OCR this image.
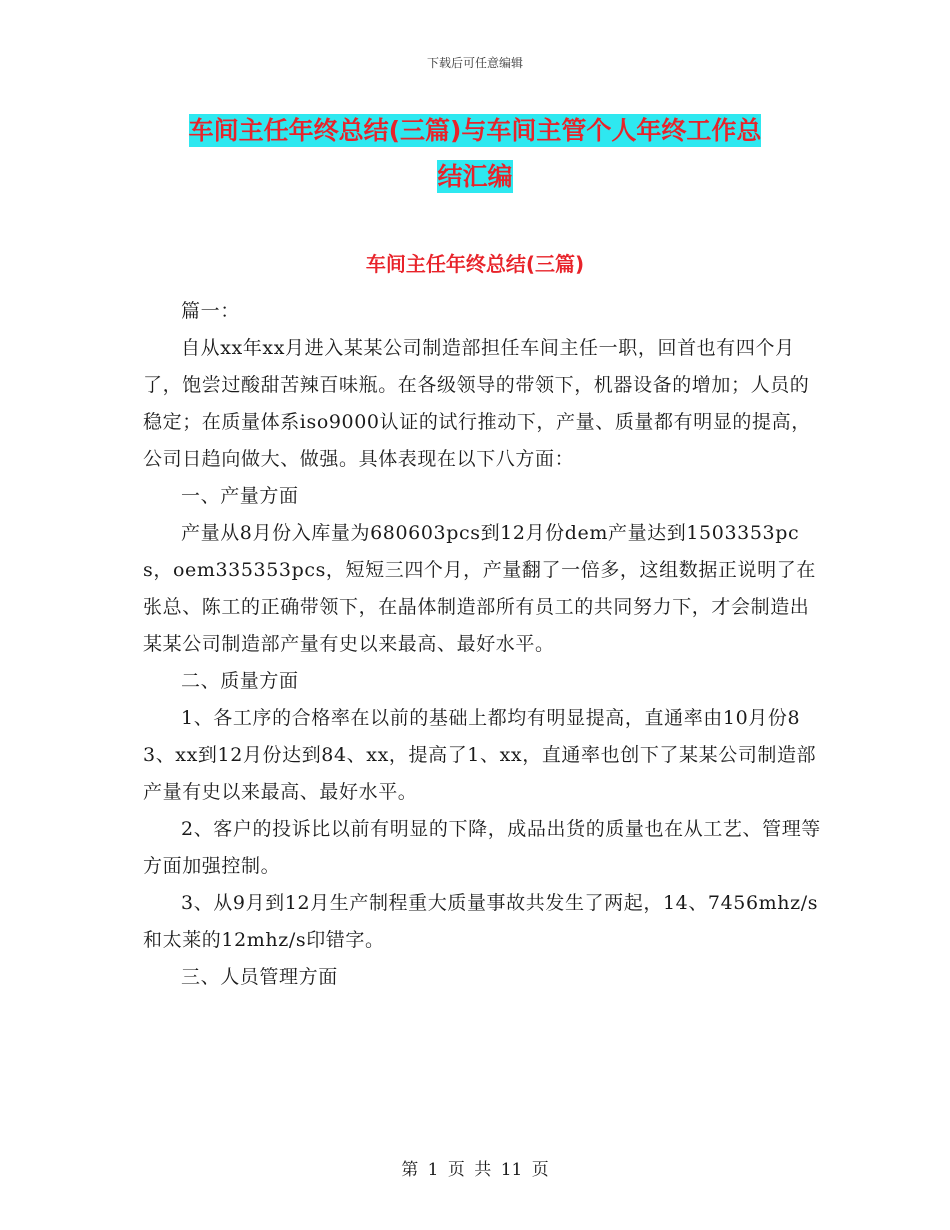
下载后可任意编辑
车间主任年终总结(三篇)与车间主管个人年终工作总
结汇编
车间主任年终总结(三篇)

篇一：

自从xx年xx月进入某某公司制造部担任车间主任一职，回首也有四个月了，饱尝过酸甜苦辣百味瓶。在各级领导的带领下，机器设备的增加；人员的稳定；在质量体系iso9000认证的试行推动下，产量、质量都有明显的提高，公司日趋向做大、做强。具体表现在以下八方面：

一、产量方面

产量从8月份入库量为680603pcs到12月份dem产量达到1503353pcs，oem335353pcs，短短三四个月，产量翻了一倍多，这组数据正说明了在张总、陈工的正确带领下，在晶体制造部所有员工的共同努力下，才会制造出某某公司制造部产量有史以来最高、最好水平。

二、质量方面

1、各工序的合格率在以前的基础上都均有明显提高，直通率由10月份83、xx到12月份达到84、xx，提高了1、xx，直通率也创下了某某公司制造部产量有史以来最高、最好水平。

2、客户的投诉比以前有明显的下降，成品出货的质量也在从工艺、管理等方面加强控制。

3、从9月到12月生产制程重大质量事故共发生了两起，14、7456mhz/s和太莱的12mhz/s印错字。

三、人员管理方面

第 1 页 共 11 页
